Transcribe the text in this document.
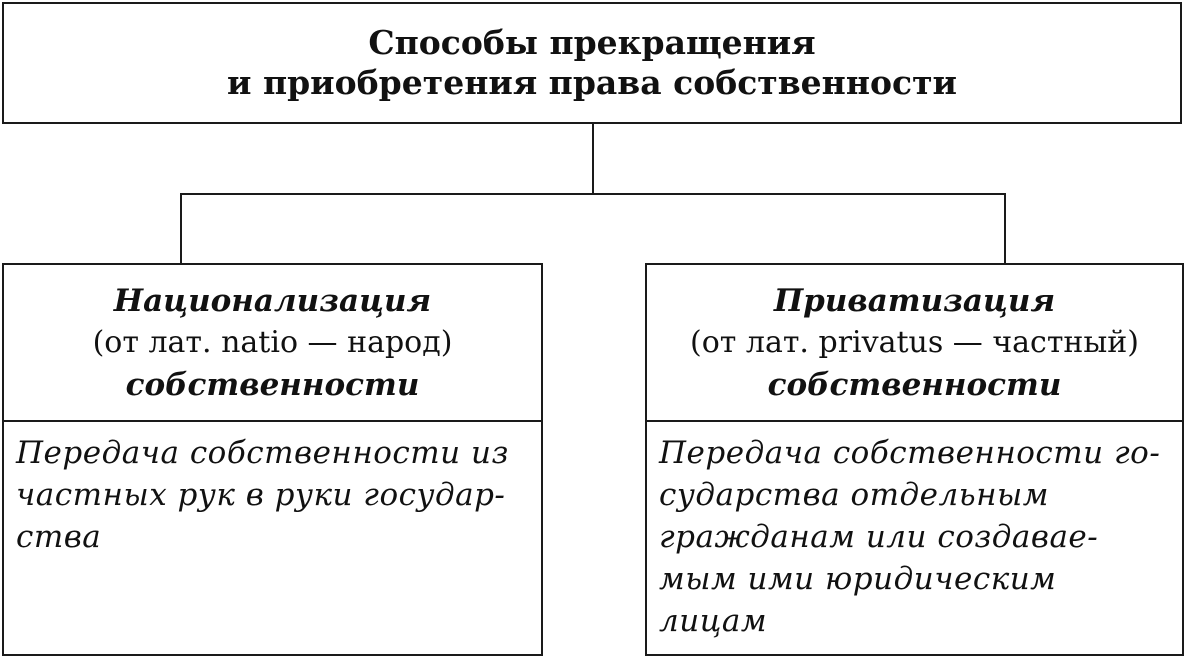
Способы прекращения
и приобретения права собственности
Национализация
(от лат. natio — народ)
собственности
Передача собственности из
частных рук в руки государ-
ства
Приватизация
(от лат. privatus — частный)
собственности
Передача собственности го-
сударства отдельным
гражданам или создавае-
мым ими юридическим
лицам
